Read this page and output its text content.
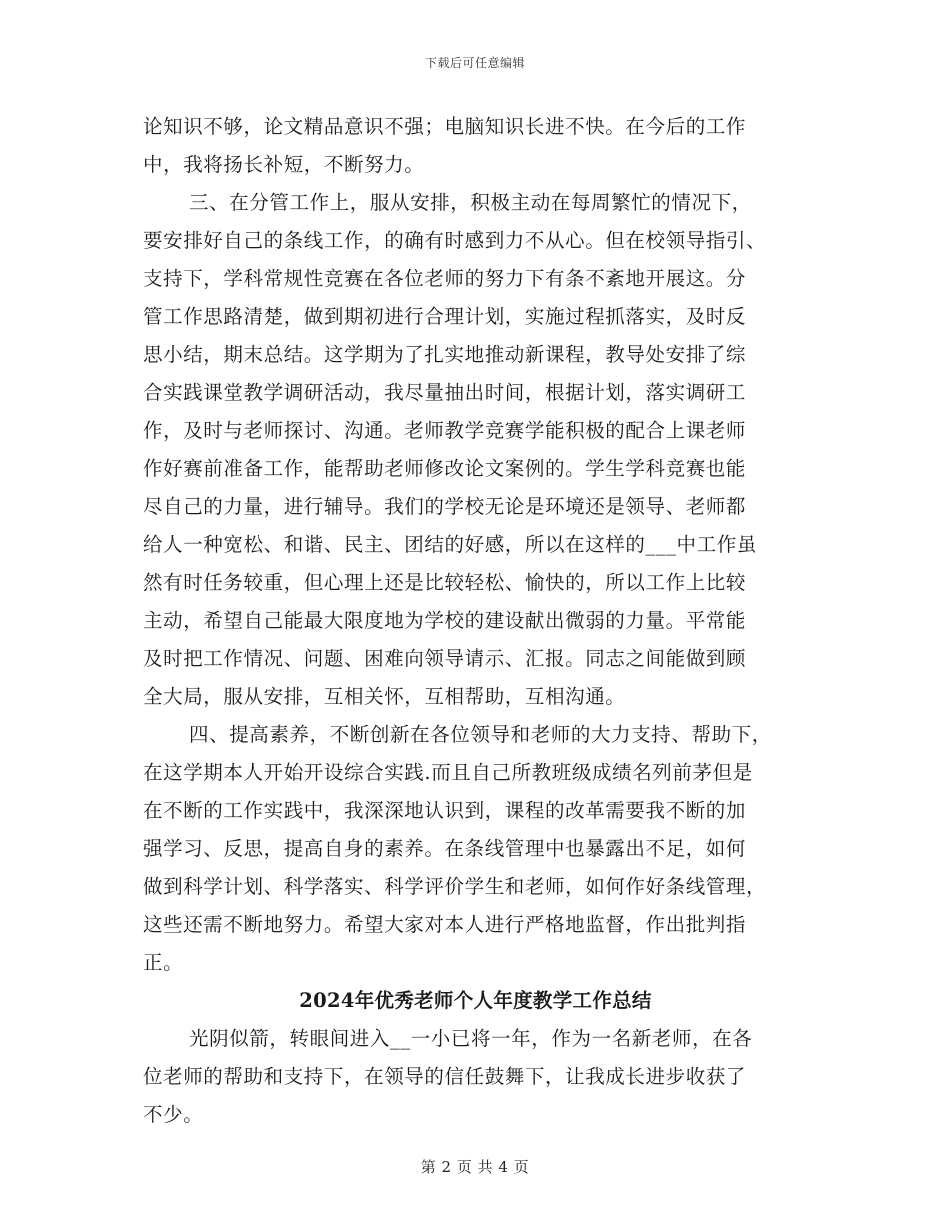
下载后可任意编辑
论知识不够，论文精品意识不强；电脑知识长进不快。在今后的工作
中，我将扬长补短，不断努力。
三、在分管工作上，服从安排，积极主动在每周繁忙的情况下，
要安排好自己的条线工作，的确有时感到力不从心。但在校领导指引、
支持下，学科常规性竞赛在各位老师的努力下有条不紊地开展这。分
管工作思路清楚，做到期初进行合理计划，实施过程抓落实，及时反
思小结，期末总结。这学期为了扎实地推动新课程，教导处安排了综
合实践课堂教学调研活动，我尽量抽出时间，根据计划，落实调研工
作，及时与老师探讨、沟通。老师教学竞赛学能积极的配合上课老师
作好赛前准备工作，能帮助老师修改论文案例的。学生学科竞赛也能
尽自己的力量，进行辅导。我们的学校无论是环境还是领导、老师都
给人一种宽松、和谐、民主、团结的好感，所以在这样的___中工作虽
然有时任务较重，但心理上还是比较轻松、愉快的，所以工作上比较
主动，希望自己能最大限度地为学校的建设献出微弱的力量。平常能
及时把工作情况、问题、困难向领导请示、汇报。同志之间能做到顾
全大局，服从安排，互相关怀，互相帮助，互相沟通。
四、提高素养，不断创新在各位领导和老师的大力支持、帮助下，
在这学期本人开始开设综合实践.而且自己所教班级成绩名列前茅但是
在不断的工作实践中，我深深地认识到，课程的改革需要我不断的加
强学习、反思，提高自身的素养。在条线管理中也暴露出不足，如何
做到科学计划、科学落实、科学评价学生和老师，如何作好条线管理，
这些还需不断地努力。希望大家对本人进行严格地监督，作出批判指
正。
2024年优秀老师个人年度教学工作总结
光阴似箭，转眼间进入__一小已将一年，作为一名新老师，在各
位老师的帮助和支持下，在领导的信任鼓舞下，让我成长进步收获了
不少。
第 2 页 共 4 页
